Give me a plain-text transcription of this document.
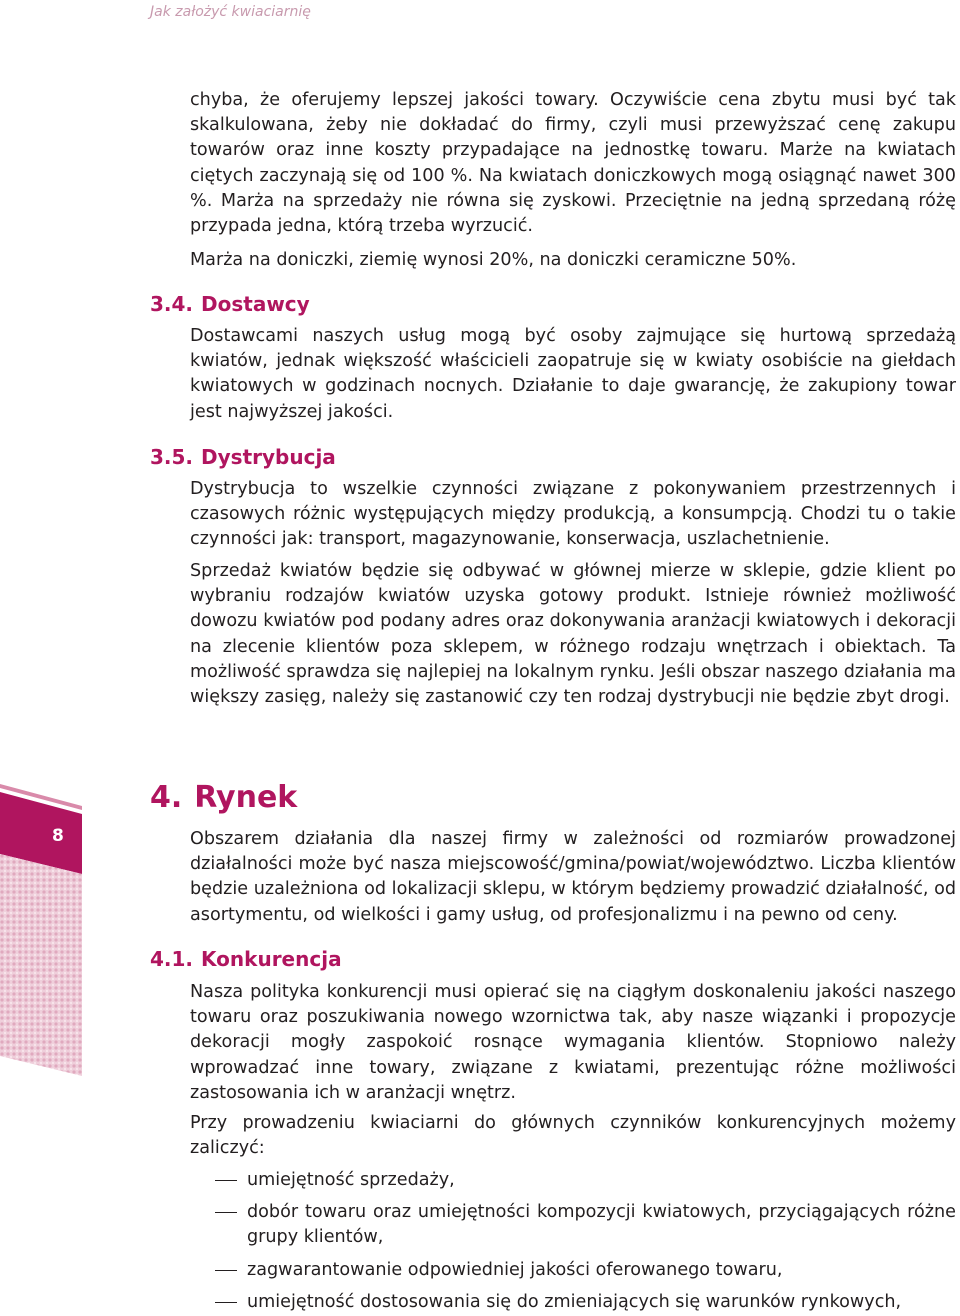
Jak założyć kwiaciarnię

chyba, że oferujemy lepszej jakości towary. Oczywiście cena zbytu musi być tak skalkulowana, żeby nie dokładać do firmy, czyli musi przewyższać cenę zakupu towarów oraz inne koszty przypadające na jednostkę towaru. Marże na kwiatach ciętych zaczynają się od 100 %. Na kwiatach doniczkowych mogą osiągnąć nawet 300 %. Marża na sprzedaży nie równa się zyskowi. Przeciętnie na jedną sprzedaną różę przypada jedna, którą trzeba wyrzucić.

Marża na doniczki, ziemię wynosi 20%, na doniczki ceramiczne 50%.

3.4. Dostawcy

Dostawcami naszych usług mogą być osoby zajmujące się hurtową sprzedażą kwiatów, jednak większość właścicieli zaopatruje się w kwiaty osobiście na giełdach kwiatowych w godzinach nocnych. Działanie to daje gwarancję, że zakupiony towar jest najwyższej jakości.

3.5. Dystrybucja

Dystrybucja to wszelkie czynności związane z pokonywaniem przestrzennych i czasowych różnic występujących między produkcją, a konsumpcją. Chodzi tu o takie czynności jak: transport, magazynowanie, konserwacja, uszlachetnienie.

Sprzedaż kwiatów będzie się odbywać w głównej mierze w sklepie, gdzie klient po wybraniu rodzajów kwiatów uzyska gotowy produkt. Istnieje również możliwość dowozu kwiatów pod podany adres oraz dokonywania aranżacji kwiatowych i dekoracji na zlecenie klientów poza sklepem, w różnego rodzaju wnętrzach i obiektach. Ta możliwość sprawdza się najlepiej na lokalnym rynku. Jeśli obszar naszego działania ma większy zasięg, należy się zastanowić czy ten rodzaj dystrybucji nie będzie zbyt drogi.

4. Rynek

Obszarem działania dla naszej firmy w zależności od rozmiarów prowadzonej działalności może być nasza miejscowość/gmina/powiat/województwo. Liczba klientów będzie uzależniona od lokalizacji sklepu, w którym będziemy prowadzić działalność, od asortymentu, od wielkości i gamy usług, od profesjonalizmu i na pewno od ceny.

4.1. Konkurencja

Nasza polityka konkurencji musi opierać się na ciągłym doskonaleniu jakości naszego towaru oraz poszukiwania nowego wzornictwa tak, aby nasze wiązanki i propozycje dekoracji mogły zaspokoić rosnące wymagania klientów. Stopniowo należy wprowadzać inne towary, związane z kwiatami, prezentując różne możliwości zastosowania ich w aranżacji wnętrz.

Przy prowadzeniu kwiaciarni do głównych czynników konkurencyjnych możemy zaliczyć:

umiejętność sprzedaży,
dobór towaru oraz umiejętności kompozycji kwiatowych, przyciągających różne grupy klientów,
zagwarantowanie odpowiedniej jakości oferowanego towaru,
umiejętność dostosowania się do zmieniających się warunków rynkowych,
8
